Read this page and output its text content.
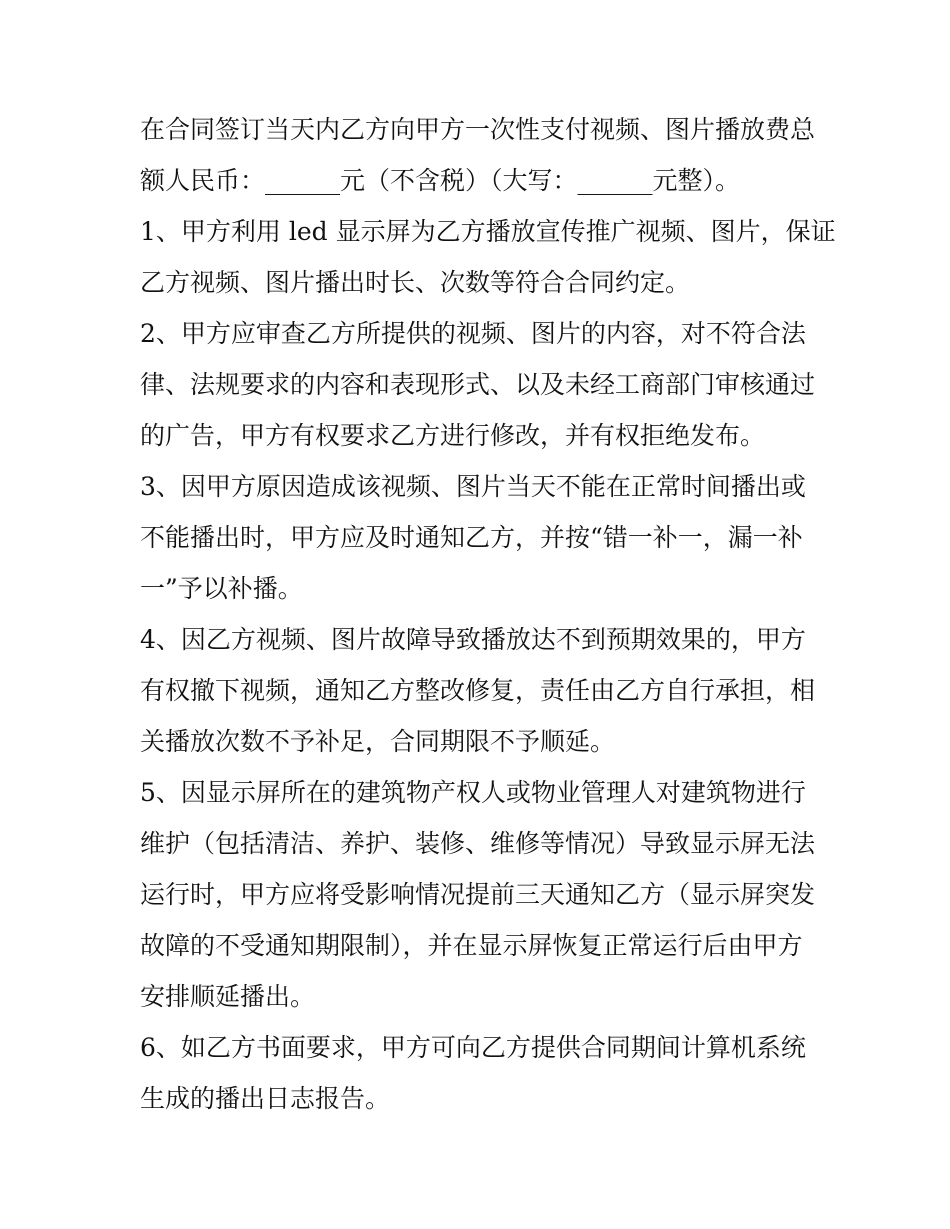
在合同签订当天内乙方向甲方一次性支付视频、图片播放费总
额人民币：______元（不含税）（大写：______元整）。
1、甲方利用 led 显示屏为乙方播放宣传推广视频、图片，保证
乙方视频、图片播出时长、次数等符合合同约定。
2、甲方应审查乙方所提供的视频、图片的内容，对不符合法
律、法规要求的内容和表现形式、以及未经工商部门审核通过
的广告，甲方有权要求乙方进行修改，并有权拒绝发布。
3、因甲方原因造成该视频、图片当天不能在正常时间播出或
不能播出时，甲方应及时通知乙方，并按“错一补一，漏一补
一”予以补播。
4、因乙方视频、图片故障导致播放达不到预期效果的，甲方
有权撤下视频，通知乙方整改修复，责任由乙方自行承担，相
关播放次数不予补足，合同期限不予顺延。
5、因显示屏所在的建筑物产权人或物业管理人对建筑物进行
维护（包括清洁、养护、装修、维修等情况）导致显示屏无法
运行时，甲方应将受影响情况提前三天通知乙方（显示屏突发
故障的不受通知期限制），并在显示屏恢复正常运行后由甲方
安排顺延播出。
6、如乙方书面要求，甲方可向乙方提供合同期间计算机系统
生成的播出日志报告。
